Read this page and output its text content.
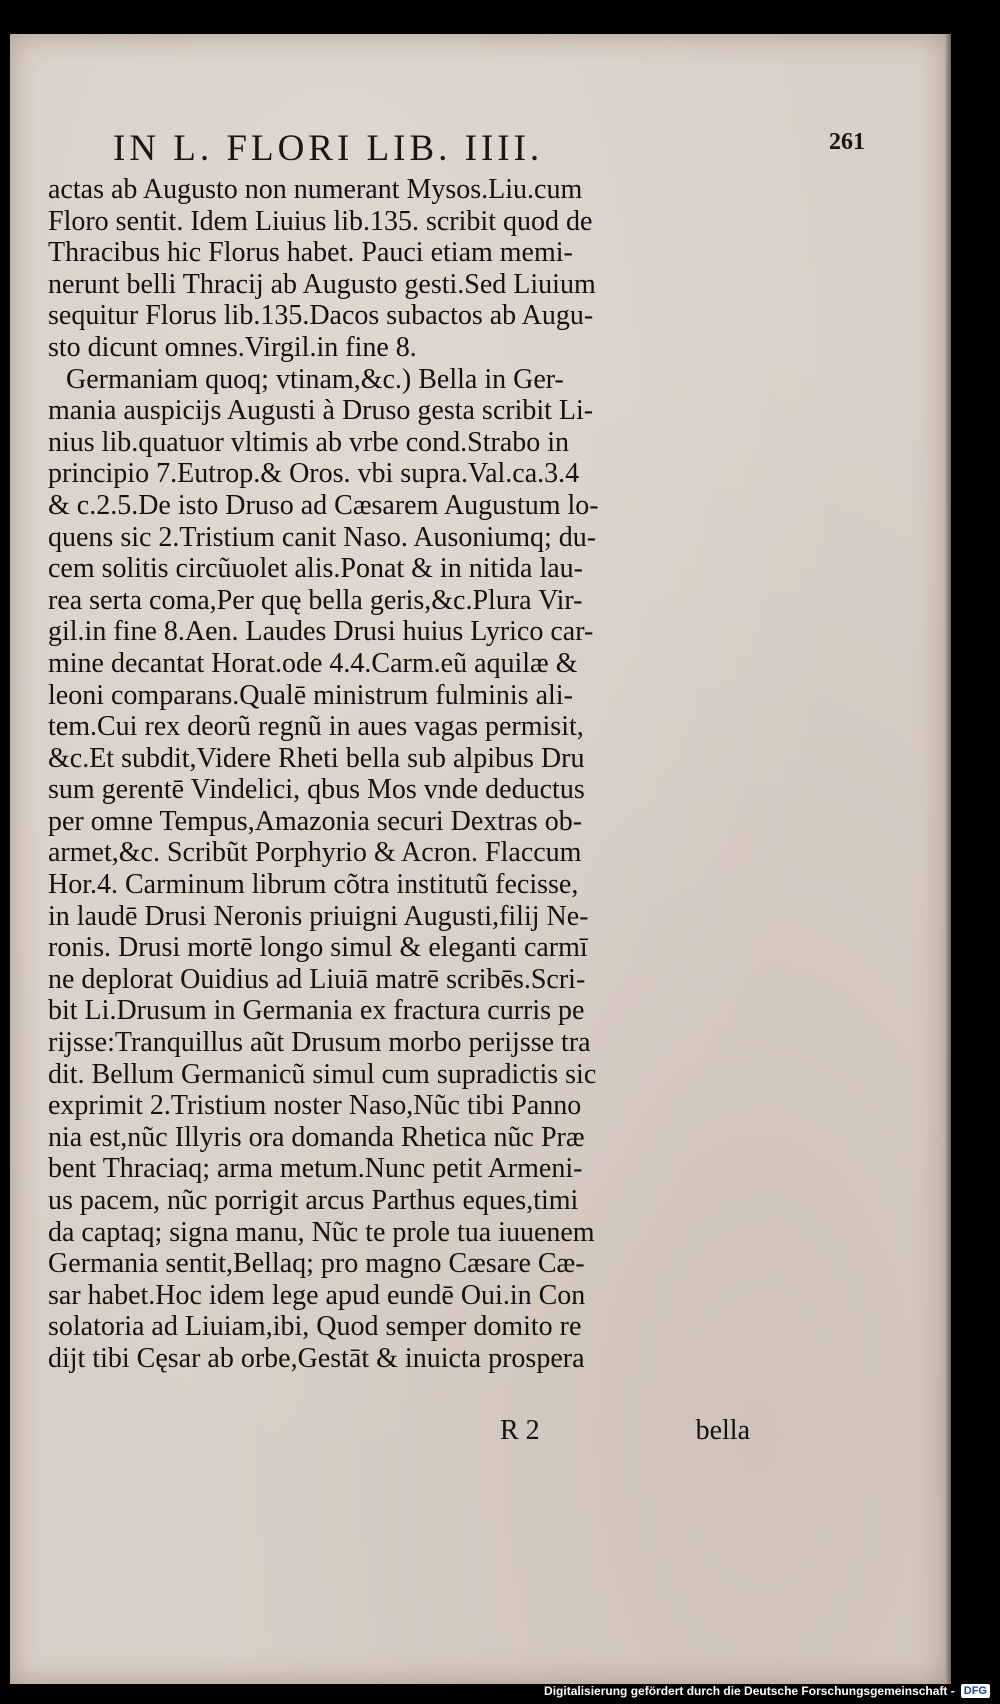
IN L. FLORI LIB. IIII.	261
actas ab Augusto non numerant Mysos.Liu.cum
Floro sentit. Idem Liuius lib.135. scribit quod de
Thracibus hic Florus habet. Pauci etiam memi-
nerunt belli Thracij ab Augusto gesti.Sed Liuium
sequitur Florus lib.135.Dacos subactos ab Augu-
sto dicunt omnes.Virgil.in fine 8.
Germaniam quoq; vtinam,&c.) Bella in Ger-
mania auspicijs Augusti à Druso gesta scribit Li-
nius lib.quatuor vltimis ab vrbe cond.Strabo in
principio 7.Eutrop.& Oros. vbi supra.Val.ca.3.4
& c.2.5.De isto Druso ad Cæsarem Augustum lo-
quens sic 2.Tristium canit Naso. Ausoniumq; du-
cem solitis circũuolet alis.Ponat & in nitida lau-
rea serta coma,Per quę bella geris,&c.Plura Vir-
gil.in fine 8.Aen. Laudes Drusi huius Lyrico car-
mine decantat Horat.ode 4.4.Carm.eũ aquilæ &
leoni comparans.Qualē ministrum fulminis ali-
tem.Cui rex deorũ regnũ in aues vagas permisit,
&c.Et subdit,Videre Rheti bella sub alpibus Dru
sum gerentē Vindelici, qbus Mos vnde deductus
per omne Tempus,Amazonia securi Dextras ob-
armet,&c. Scribũt Porphyrio & Acron. Flaccum
Hor.4. Carminum librum cõtra institutũ fecisse,
in laudē Drusi Neronis priuigni Augusti,filij Ne-
ronis. Drusi mortē longo simul & eleganti carmī
ne deplorat Ouidius ad Liuiā matrē scribēs.Scri-
bit Li.Drusum in Germania ex fractura curris pe
rijsse:Tranquillus aũt Drusum morbo perijsse tra
dit. Bellum Germanicũ simul cum supradictis sic
exprimit 2.Tristium noster Naso,Nũc tibi Panno
nia est,nũc Illyris ora domanda Rhetica nũc Præ
bent Thraciaq; arma metum.Nunc petit Armeni-
us pacem, nũc porrigit arcus Parthus eques,timi
da captaq; signa manu, Nũc te prole tua iuuenem
Germania sentit,Bellaq; pro magno Cæsare Cæ-
sar habet.Hoc idem lege apud eundē Oui.in Con
solatoria ad Liuiam,ibi, Quod semper domito re
dijt tibi Cęsar ab orbe,Gestāt & inuicta prospera
R 2	bella
Digitalisierung gefördert durch die Deutsche Forschungsgemeinschaft - DFG
